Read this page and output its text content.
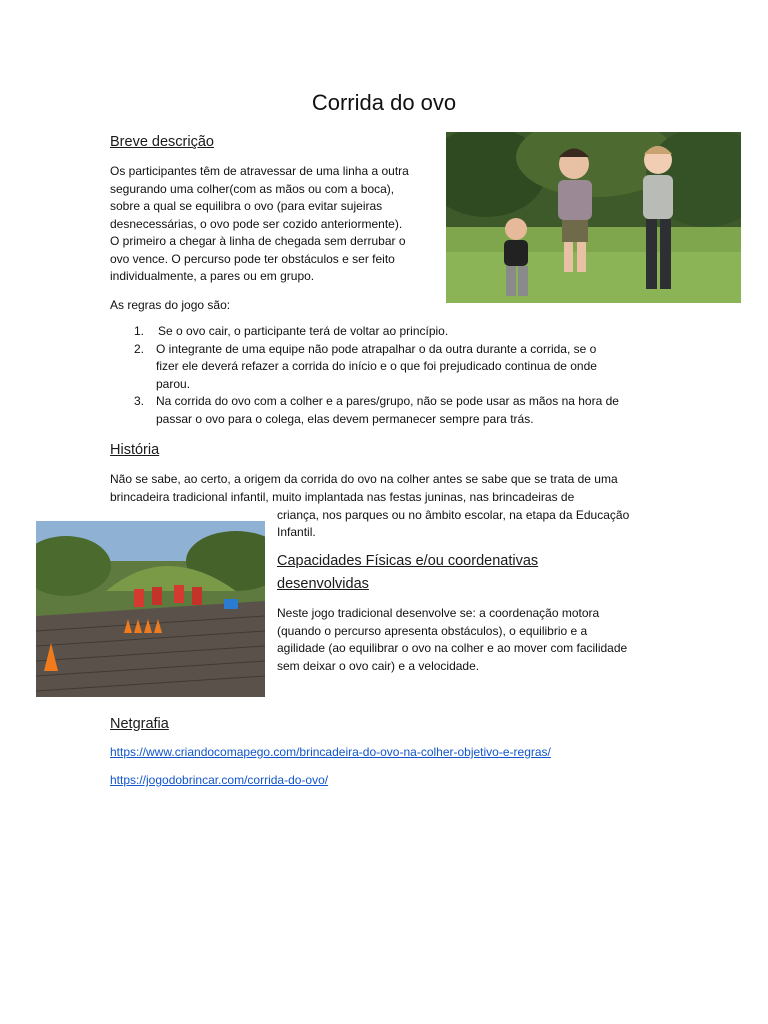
Corrida do ovo
Breve descrição
Os participantes têm de atravessar de uma linha a outra
segurando uma colher(com as mãos ou com a boca),
sobre a qual se equilibra o ovo (para evitar sujeiras
desnecessárias, o ovo pode ser cozido anteriormente).
O primeiro a chegar à linha de chegada sem derrubar o
ovo vence. O percurso pode ter obstáculos e ser feito
individualmente, a pares ou em grupo.
As regras do jogo são:
1. Se o ovo cair, o participante terá de voltar ao princípio.
2. O integrante de uma equipe não pode atrapalhar o da outra durante a corrida, se o
fizer ele deverá refazer a corrida do início e o que foi prejudicado continua de onde
parou.
3. Na corrida do ovo com a colher e a pares/grupo, não se pode usar as mãos na hora de
passar o ovo para o colega, elas devem permanecer sempre para trás.
História
Não se sabe, ao certo, a origem da corrida do ovo na colher antes se sabe que se trata de uma
brincadeira tradicional infantil, muito implantada nas festas juninas, nas brincadeiras de
criança, nos parques ou no âmbito escolar, na etapa da Educação
Infantil.
Capacidades Físicas e/ou coordenativas
desenvolvidas
Neste jogo tradicional desenvolve se: a coordenação motora
(quando o percurso apresenta obstáculos), o equilibrio e a
agilidade (ao equilibrar o ovo na colher e ao mover com facilidade
sem deixar o ovo cair) e a velocidade.
Netgrafia
https://www.criandocomapego.com/brincadeira-do-ovo-na-colher-objetivo-e-regras/
https://jogodobrincar.com/corrida-do-ovo/
